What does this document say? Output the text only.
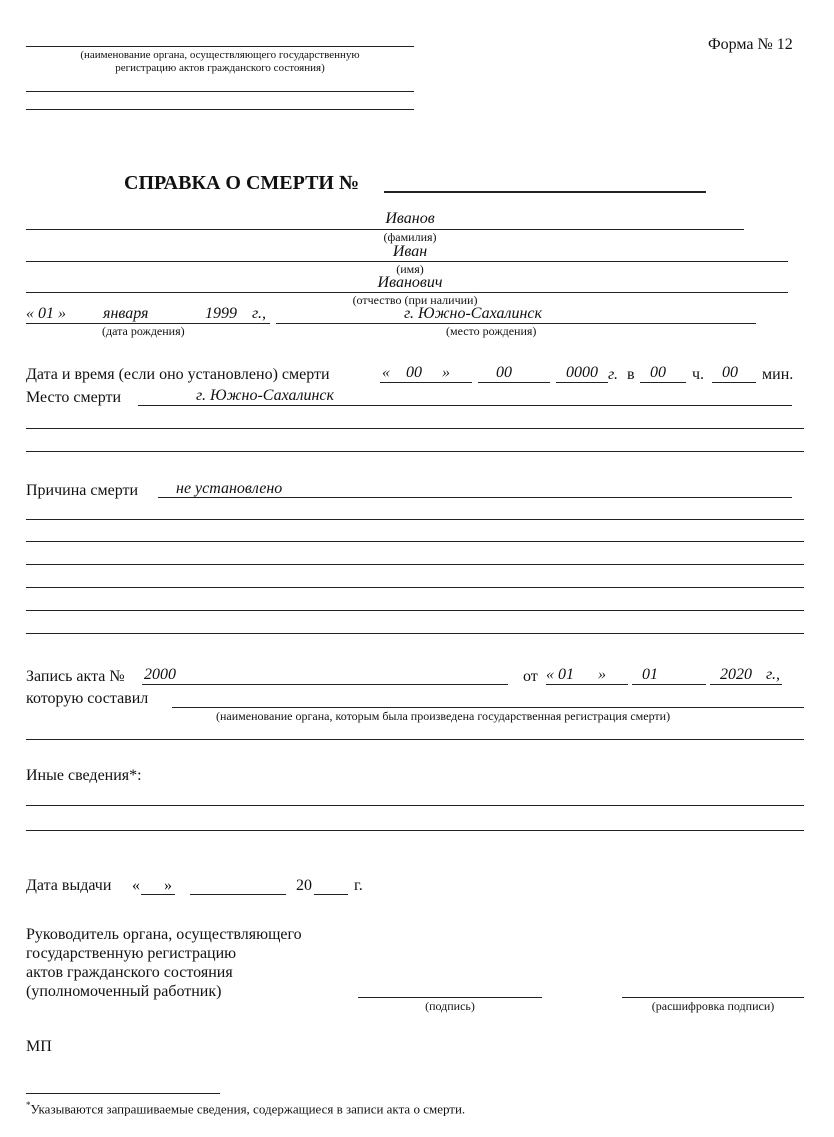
(наименование органа, осуществляющего государственную
регистрацию актов гражданского состояния)
Форма № 12
СПРАВКА О СМЕРТИ №
Иванов
(фамилия)
Иван
(имя)
Иванович
(отчество (при наличии)
« 01 » января	1999 г.,
(дата рождения)
г. Южно-Сахалинск
(место рождения)
Дата и время (если оно установлено) смерти	«    00     »	00	0000 г. в 00 ч. 00 мин.
Место смерти	г. Южно-Сахалинск
Причина смерти не установлено
Запись акта № 2000	от « 01      » 01	2020 г.,
которую составил
(наименование органа, которым была произведена государственная регистрация смерти)
Иные сведения*:
Дата выдачи «      »	20	г.
Руководитель органа, осуществляющего
государственную регистрацию
актов гражданского состояния
(уполномоченный работник)
(подпись)	(расшифровка подписи)
МП
*Указываются запрашиваемые сведения, содержащиеся в записи акта о смерти.
